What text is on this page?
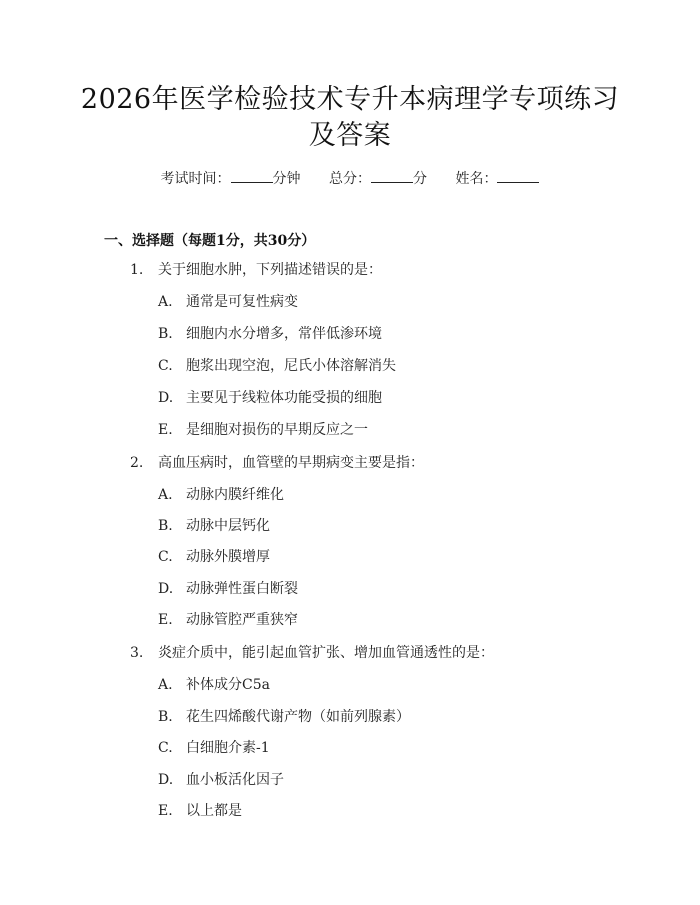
2026年医学检验技术专升本病理学专项练习
及答案
考试时间：	分钟 总分：	分 姓名：
一、选择题（每题1分，共30分）
1. 关于细胞水肿，下列描述错误的是：
A. 通常是可复性病变
B. 细胞内水分增多，常伴低渗环境
C. 胞浆出现空泡，尼氏小体溶解消失
D. 主要见于线粒体功能受损的细胞
E. 是细胞对损伤的早期反应之一
2. 高血压病时，血管壁的早期病变主要是指：
A. 动脉内膜纤维化
B. 动脉中层钙化
C. 动脉外膜增厚
D. 动脉弹性蛋白断裂
E. 动脉管腔严重狭窄
3. 炎症介质中，能引起血管扩张、增加血管通透性的是：
A. 补体成分C5a
B. 花生四烯酸代谢产物（如前列腺素）
C. 白细胞介素-1
D. 血小板活化因子
E. 以上都是
